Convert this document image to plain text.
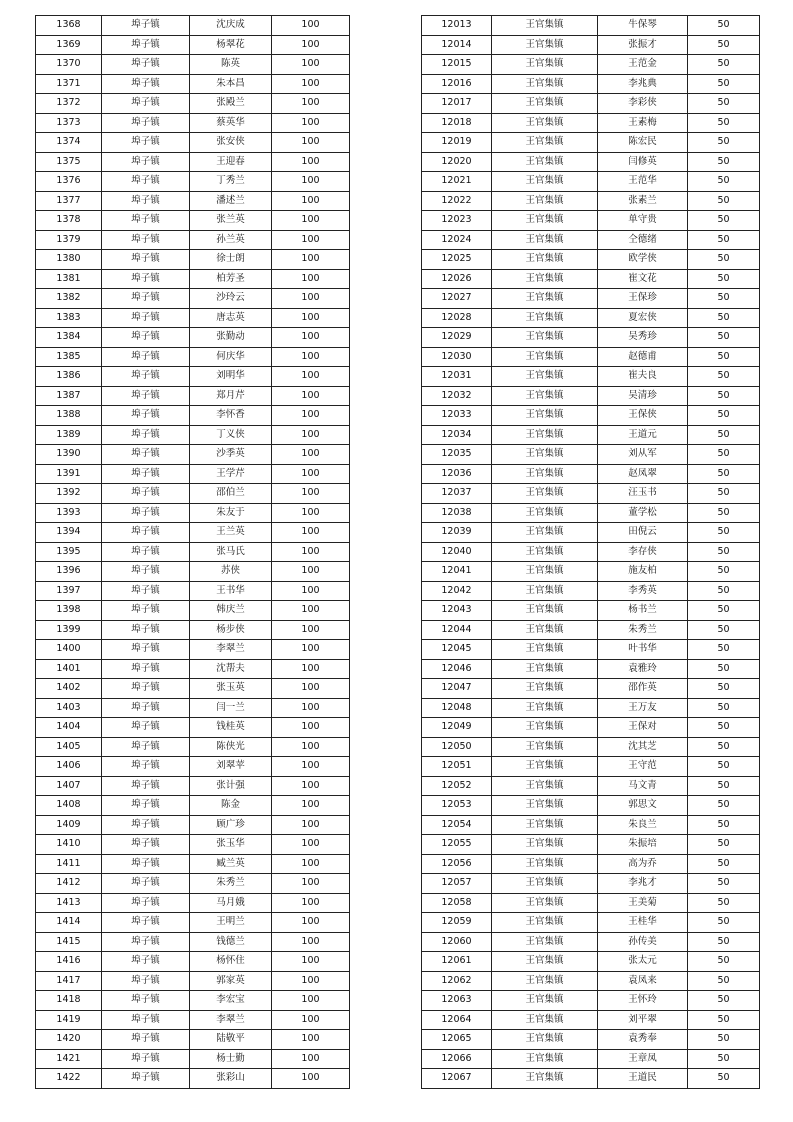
1368	埠子镇	沈庆成	100
1369	埠子镇	杨翠花	100
1370	埠子镇	陈英	100
1371	埠子镇	朱本昌	100
1372	埠子镇	张殿兰	100
1373	埠子镇	蔡英华	100
1374	埠子镇	张安侠	100
1375	埠子镇	王迎春	100
1376	埠子镇	丁秀兰	100
1377	埠子镇	潘述兰	100
1378	埠子镇	张兰英	100
1379	埠子镇	孙兰英	100
1380	埠子镇	徐士朗	100
1381	埠子镇	柏芳圣	100
1382	埠子镇	沙玲云	100
1383	埠子镇	唐志英	100
1384	埠子镇	张勤动	100
1385	埠子镇	何庆华	100
1386	埠子镇	刘明华	100
1387	埠子镇	郑月芹	100
1388	埠子镇	李怀香	100
1389	埠子镇	丁义侠	100
1390	埠子镇	沙季英	100
1391	埠子镇	王学芹	100
1392	埠子镇	邵伯兰	100
1393	埠子镇	朱友于	100
1394	埠子镇	王兰英	100
1395	埠子镇	张马氏	100
1396	埠子镇	苏侠	100
1397	埠子镇	王书华	100
1398	埠子镇	韩庆兰	100
1399	埠子镇	杨步侠	100
1400	埠子镇	李翠兰	100
1401	埠子镇	沈帮夫	100
1402	埠子镇	张玉英	100
1403	埠子镇	闫一兰	100
1404	埠子镇	钱桂英	100
1405	埠子镇	陈侠光	100
1406	埠子镇	刘翠苹	100
1407	埠子镇	张计强	100
1408	埠子镇	陈金	100
1409	埠子镇	顾广珍	100
1410	埠子镇	张玉华	100
1411	埠子镇	臧兰英	100
1412	埠子镇	朱秀兰	100
1413	埠子镇	马月娥	100
1414	埠子镇	王明兰	100
1415	埠子镇	钱德兰	100
1416	埠子镇	杨怀住	100
1417	埠子镇	郭家英	100
1418	埠子镇	李宏宝	100
1419	埠子镇	李翠兰	100
1420	埠子镇	陆敬平	100
1421	埠子镇	杨士勤	100
1422	埠子镇	张彩山	100
12013	王官集镇	牛保琴	50
12014	王官集镇	张振才	50
12015	王官集镇	王范金	50
12016	王官集镇	李兆典	50
12017	王官集镇	李彩侠	50
12018	王官集镇	王素梅	50
12019	王官集镇	陈宏民	50
12020	王官集镇	闫修英	50
12021	王官集镇	王范华	50
12022	王官集镇	张素兰	50
12023	王官集镇	单守贵	50
12024	王官集镇	仝德绪	50
12025	王官集镇	欧学侠	50
12026	王官集镇	崔文花	50
12027	王官集镇	王保珍	50
12028	王官集镇	夏宏侠	50
12029	王官集镇	吴秀珍	50
12030	王官集镇	赵德甫	50
12031	王官集镇	崔夫良	50
12032	王官集镇	吴清珍	50
12033	王官集镇	王保侠	50
12034	王官集镇	王道元	50
12035	王官集镇	刘从军	50
12036	王官集镇	赵凤翠	50
12037	王官集镇	汪玉书	50
12038	王官集镇	董学松	50
12039	王官集镇	田倪云	50
12040	王官集镇	李存侠	50
12041	王官集镇	施友柏	50
12042	王官集镇	李秀英	50
12043	王官集镇	杨书兰	50
12044	王官集镇	朱秀兰	50
12045	王官集镇	叶书华	50
12046	王官集镇	袁雅玲	50
12047	王官集镇	邵作英	50
12048	王官集镇	王万友	50
12049	王官集镇	王保对	50
12050	王官集镇	沈其芝	50
12051	王官集镇	王守范	50
12052	王官集镇	马文青	50
12053	王官集镇	郭思文	50
12054	王官集镇	朱良兰	50
12055	王官集镇	朱振培	50
12056	王官集镇	高为乔	50
12057	王官集镇	李兆才	50
12058	王官集镇	王美菊	50
12059	王官集镇	王桂华	50
12060	王官集镇	孙传美	50
12061	王官集镇	张太元	50
12062	王官集镇	袁凤来	50
12063	王官集镇	王怀玲	50
12064	王官集镇	刘平翠	50
12065	王官集镇	袁秀奉	50
12066	王官集镇	王章凤	50
12067	王官集镇	王道民	50
